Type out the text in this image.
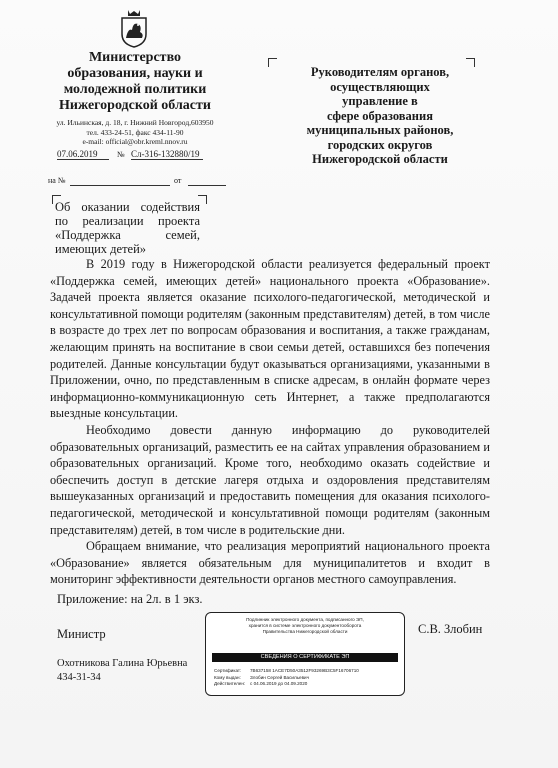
Министерство
образования, науки и
молодежной политики
Нижегородской области
ул. Ильинская, д. 18, г. Нижний Новгород,603950
тел. 433-24-51, факс 434-11-90
e-mail: official@obr.kreml.nnov.ru
07.06.2019	№ Сл-316-132880/19
на №	от
Руководителям органов,
осуществляющих
управление в
сфере образования
муниципальных районов,
городских округов
Нижегородской области
Об оказании содействия по реализации проекта «Поддержка семей, имеющих детей»

В 2019 году в Нижегородской области реализуется федеральный проект «Поддержка семей, имеющих детей» национального проекта «Образование». Задачей проекта является оказание психолого-педагогической, методической и консультативной помощи родителям (законным представителям) детей, в том числе в возрасте до трех лет по вопросам образования и воспитания, а также гражданам, желающим принять на воспитание в свои семьи детей, оставшихся без попечения родителей. Данные консультации будут оказываться организациями, указанными в Приложении, очно, по представленным в списке адресам, в онлайн формате через информационно-коммуникационную сеть Интернет, а также предполагаются выездные консультации.

Необходимо довести данную информацию до руководителей образовательных организаций, разместить ее на сайтах управления образованием и образовательных организаций. Кроме того, необходимо оказать содействие и обеспечить доступ в детские лагеря отдыха и оздоровления представителям вышеуказанных организаций и предоставить помещения для оказания психолого-педагогической, методической и консультативной помощи родителям (законным представителям) детей, в том числе в родительские дни.

Обращаем внимание, что реализация мероприятий национального проекта «Образование» является обязательным для муниципалитетов и входит в мониторинг эффективности деятельности органов местного самоуправления.

Приложение: на 2л. в 1 экз.
Министр	С.В. Злобин
Охотникова Галина Юрьевна
434-31-34
Подлинник электронного документа, подписанного ЭП,
хранится в системе электронного документооборота
Правительства Нижегородской области
СВЕДЕНИЯ О СЕРТИФИКАТЕ ЭП
Сертификат: 7B637158 1ACE7D50A3512F93269B3C5F16706710
Кому выдан: Злобин Сергей Васильевич
Действителен: с 04.06.2019 до 04.09.2020
